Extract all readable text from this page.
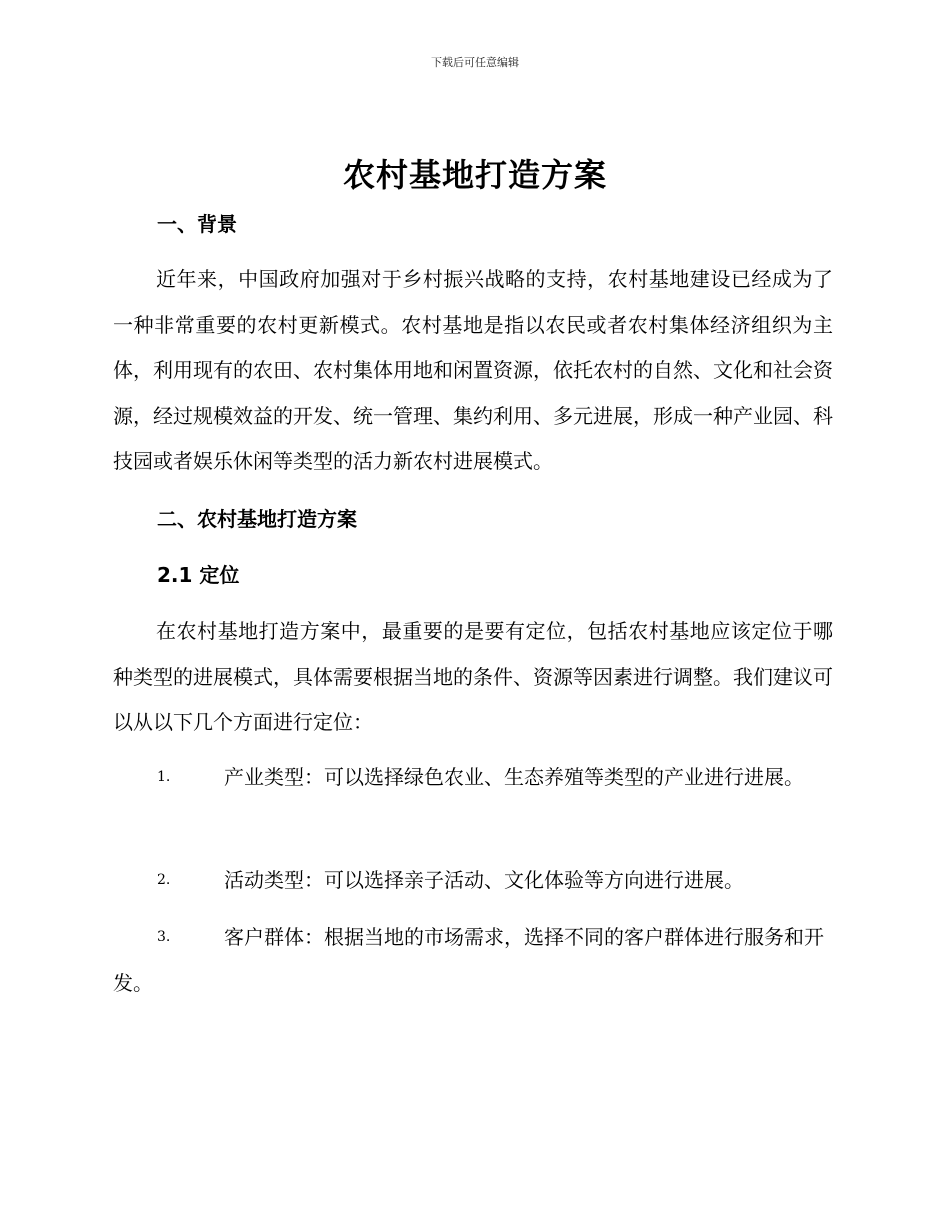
下载后可任意编辑
农村基地打造方案
一、背景
近年来，中国政府加强对于乡村振兴战略的支持，农村基地建设已经成为了一种非常重要的农村更新模式。农村基地是指以农民或者农村集体经济组织为主体，利用现有的农田、农村集体用地和闲置资源，依托农村的自然、文化和社会资源，经过规模效益的开发、统一管理、集约利用、多元进展，形成一种产业园、科技园或者娱乐休闲等类型的活力新农村进展模式。
二、农村基地打造方案
2.1 定位
在农村基地打造方案中，最重要的是要有定位，包括农村基地应该定位于哪种类型的进展模式，具体需要根据当地的条件、资源等因素进行调整。我们建议可以从以下几个方面进行定位：
1.	产业类型：可以选择绿色农业、生态养殖等类型的产业进行进展。
2.	活动类型：可以选择亲子活动、文化体验等方向进行进展。
3.	客户群体：根据当地的市场需求，选择不同的客户群体进行服务和开发。
